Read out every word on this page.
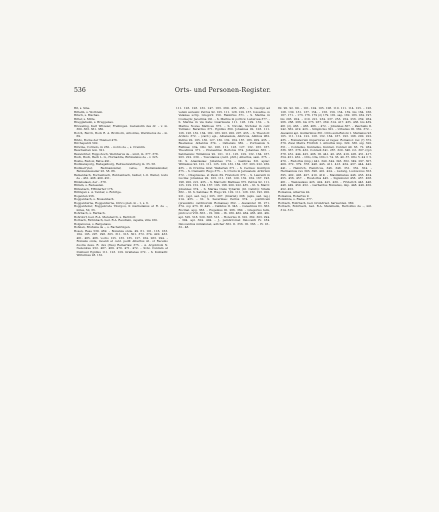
536	Orts- und Personen-Register.

Bit, s. Sine.

Bittelin, s. Worblein.

Bitsch, s. Bischau.

Bitter, s. Mitte.

Breggleheim, s. Bruggenau.

Bruweling, Karl Witzeler, Freilingen. Liebenstin des dr. – v. m. 360. 363. 361. 380.

Borch, Burch, Bock R. A. Brothorn, Arnoldus, Wernherus de – m. 69.

Bitzlo, Bocke der Thiebed 476.

Birchepatch 592.

Birwine, Corrado, in 250. – nordo de –, s. Cremlin.

Bauchenten non. 321.

Bavanchter, Ruppohoch, Wernherus de – umit, in. 377. 378.

Buch, Buch, Bach L. G., Hornaddle, Birlmannus de – v. 325.

Bushe, Budow, Balve 491.

Budmanspurg, Budagalburg, Reitwerwahrberg in. 35. 58.

Budmerryler, Budmanswiler, velve, Budismannsiler, Butmannsweiler 26. 58. 86.

Bamenbach, Bochenbach, Bubbenbach, halber, L.O. Weiler, nodu de – 461. 408. 409. 451.

Blidebelaen, der – 378.

Blirain, s. Redeeslen.

Blitzebach, F.Bliderhof 176.

Biltingen s. A. Tenber, s. Rohrige.

Bogenten 256.

Boggenbach, s. Bossenbach.

Boggenburne, Roggenburne, Ulrico pleb. in – 1, s. 6.

Boggenhofer, Roggenrode Thurgou, K marredanus et R. de –, miles, 50, 33.

Bohrbach, s. Rarbach.

Bohrdorf, bed. R.A. Mereberch, s. Barrdorf.

Borbach, Richnbach, bed. R.A. Reudtein, capella, villa 160.

Bolganuces, s. Bargenaus.

Bohnen, Bruhuna de –, s. Rachelringen.

Bosen, Rese 539. 469. – Bonanza onde. 49. 61. 101. 116. 163. 164. 195. 297. 296. 305. 311. 313. 301. 372. 374. 420. 433. 461. 465. 466. vocho 125. 133. 135. 127. 164. 263. 294. – Romans onde, moenli et cent. pedit Albertus 41. ot Recenio duoria deus. R. dux (frau) Reinertaw 375. – A. Argoblioni N. Nenonkus 252. 467. 469. 470. 471. 472. – Svbo Cunram et Dunbaut Egidius 111. 123. 129. Grafianes 272. – S. Kuntadti: Wiltulmus 28. 161.

111. 126. 128. 132. 147. 163. 269. 435. 455. – S. Georgii ad velum aureum: Petrus 92. 105. 111. 128. 129. 157. fozosdbe ov Velanae scrip. Gregorii 150. Raimrius 371. – S. Marine in Cosmeyls: Jacerima 191. – S. Marine in porticu: Laburosa 377. – S. Marine in via hata: Guarnuans 111. 126. 129. 132. – S. Marine Novae Mathoes 375. – S. Nicolai, Nicholai in carr. Tulliano: Berardus 371. Egidius 360. Johannes 92. 103. 111. 126. 128. 132. 164. 182. 183. 203. 200. 207. 435. – S. Theodori: Ardiolo 372. – (card.) epi., Albanensis, Albricus, Alhibus 962. Petrus 92. 105. 130. 127. 130. 132. 164. 167. 183. 209. 435. – Bueliense: Atheldus 374. – Ostiensis 382. – Portuensis S. Rufinae: Ota, Oito 92. 108. 111. 123. 127. 132. 163. 167. Theodinus 371. – Prenestine: Bertolus 374. Johannes 363. – Sabinensis: Willelmus 92. 101. 111. 125. 129. 132. 164. 167. 203. 222. 230. – Tusculanus (card. phrt.) Albertus, sam. 375. – tit. S. Anastasiae: Johannes 174. – basilicae XII. apiac: Williamus 92. 101. 111. 125. 129. 132. 164. 167. 203. 222. 230. 435. – in Crioline Graf. Wallerian 371. – S. Cecliau: Guidryon 375. – S. Clementi: Rugo 375. – S. Crucis in Jerusalem: Aribrium 372. – Chapluscae. st Paulo 69. Franciscii 372. – S. Laurenti in Lucina: Johannes 92. 103. 111. 128. 129. 132. 164. 167. 193. 198. 200. 221. 435. – S. Marcelli: Mathaes 375. Petrus 92. 111. 125. 129. 152. 164. 167. 193. 198. 200. 222. 435. – tit. S. Marci: Johannes 374. – S. Mariae trans Tybarim (tit. Calixti): Vitalis 382. – tit. S. Sabinae: H. Hugo 92. 102. 111. 128. 132. 193. 200. 221. (apl. sed. leg.) 205. 207. (Imariet) 208. (apls. sed. leg.) 214. 435. – tit. S. Severinae: Petrus 374. – pontificem (presumtio cardinorum Romanae) 362. – Alexander III. 271. 374. cop 473. IV. 445. – Caliktus II. 343. – Celestinus III. 363. Rocinal. apg. 363. – Eugenius III. 266. 360. – Gregorius felix, pintvocol VIII. 363. – IX. 300. – IX. 180. 462. 464. 465. 491. 4th. apl. 505. 518. 520. 508. 513. – Honorius II. 301. 362. 303. 294. – 304. apl. 304. 404. – J., pemlicromet Innocenti IV. 184. Innocentius minlalunet, adtcher 362. II. 356. III. 363. – IV. 18.. 32.. 48.

82. 90. 92. 99. – 101. 104. 105. 108. 110. 111. 114. 125. – 126. 128. 130. 131. 137. 154. – 156. 159. 154. 159. bis 164. 166. 167. 171. – 173. 176. 179 (2) 179. 181. sap. 182. 183. 184. 197. bis 203. 204. – 210. 221. 234. 237. 253. 254. 256. 259. 264. 266. 268. 266. bis 273. 267. 269. 314. 417. 435. 436. bis 439. 461 (2). 463. – 465. 466. – 472. – Johannes 367. – Paschalis II. 242. 362. 419. 423. – Simplicius 301. – Urbanus III. 362. 372. – Alexanni apl. Guillerimus 361. Ordo-sum-Buloni 1. Marianus 93. 105. 111. 114. 122. 128. 132. 164. 167. 193. 198. 200. 222. 435. – Romanorum impertores et reges: Romanor. rex (?) 372. 379. Zwei Marre Fridrich I. Arnulfus imp. 320. 336. sig. 320. 351. – Conradus, Kunradus, Kunrad, Cunrad 40. 63. 72. 284. 336. 367. 376. 432. Conradi 341. 267. 320. 346. rot. 307.</p> 378. 451. 444. 425. 406. III. 441. 40. 453. 419. 405. 451. 417. 354. 451. 452. – Otto, Ota, Otto I. 74. 33. 40. 37. Otto V. 44 = 5. 470. – Rudolfus (imp.) 441. 340. 344. 345. 362. 349. 297. 307. 409. 372. 379. 378. 448. 445. 411. 413. 434. 437. 444. 442. 441. – Heinrich, Heinricus, 346. 348. 351. 352. 354. – Hermannus rex 393. 398. 401. 424. – Ludwig, Ludowicus 353. 395. 402. 403. 407. 410. 419. – Maximilianus 446. 453. 454. 455. 456. 457. – Ruodolfus 445. – Sigismund 456. 457. 458. 461. – Wenzeslaus 423. 424. 425. 430. – Friderich 443. 446. 448. 449. 450. 452. – Gerhardus Romanus, imp. 448. 449. 450. 452. 453.

Romanus, Albertus 42.

Romanus, Robertus 9.

Romhilde, s. Riehe. 377.

Rorbach, Rohrbach, bed. Grundried. Sarwerden. 380.

Rorbach, Rohrbach, bed. B.A. Mannheim, Bertoldus de –, mit. 314. 315.
